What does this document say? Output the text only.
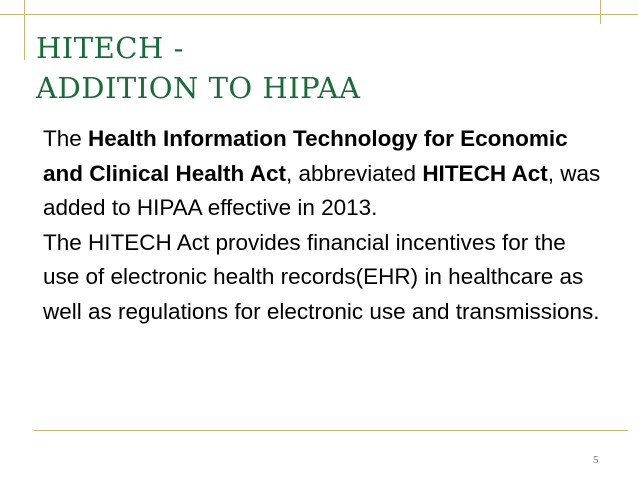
HITECH -
ADDITION TO HIPAA

The Health Information Technology for Economic and Clinical Health Act, abbreviated HITECH Act, was added to HIPAA effective in 2013.

The HITECH Act provides financial incentives for the use of electronic health records(EHR) in healthcare as well as regulations for electronic use and transmissions.

5
